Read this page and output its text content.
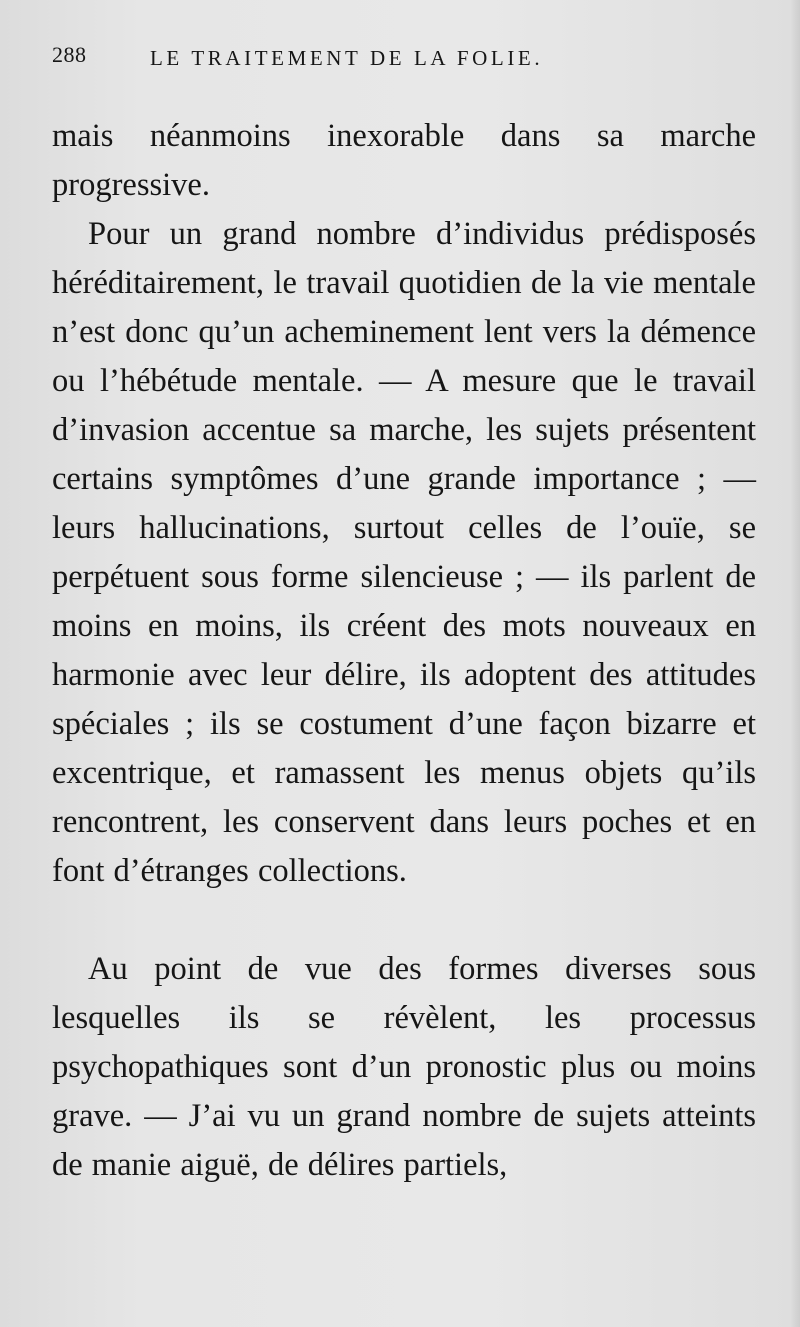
288	LE TRAITEMENT DE LA FOLIE.

mais néanmoins inexorable dans sa marche progressive.

Pour un grand nombre d’individus prédisposés héréditairement, le travail quotidien de la vie mentale n’est donc qu’un acheminement lent vers la démence ou l’hébétude mentale. — A mesure que le travail d’invasion accentue sa marche, les sujets présentent certains symptômes d’une grande importance ; — leurs hallucinations, surtout celles de l’ouïe, se perpétuent sous forme silencieuse ; — ils parlent de moins en moins, ils créent des mots nouveaux en harmonie avec leur délire, ils adoptent des attitudes spéciales ; ils se costument d’une façon bizarre et excentrique, et ramassent les menus objets qu’ils rencontrent, les conservent dans leurs poches et en font d’étranges collections.

Au point de vue des formes diverses sous lesquelles ils se révèlent, les processus psychopathiques sont d’un pronostic plus ou moins grave. — J’ai vu un grand nombre de sujets atteints de manie aiguë, de délires partiels,
